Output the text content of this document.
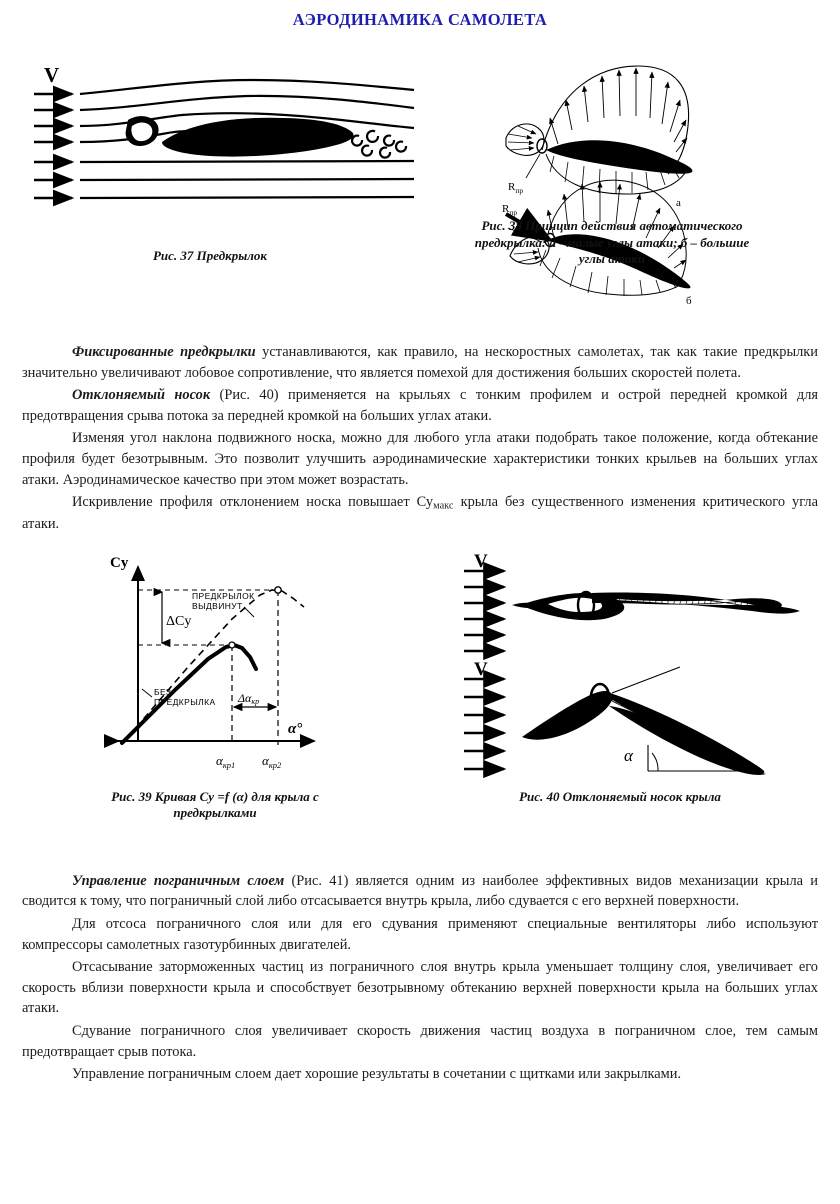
АЭРОДИНАМИКА САМОЛЕТА
V
$R_{пр}$
а
$R_{пр}$
б
Рис. 37 Предкрылок
Рис. 38 Принцип действия автоматического
предкрылка: а - малые углы атаки; б – большие
углы атаки

Фиксированные предкрылки устанавливаются, как правило, на нескоростных самолетах, так как такие предкрылки значительно увеличивают лобовое сопротивление, что является помехой для достижения больших скоростей полета.

Отклоняемый носок (Рис. 40) применяется на крыльях с тонким профилем и острой передней кромкой для предотвращения срыва потока за передней кромкой на больших углах атаки.

Изменяя угол наклона подвижного носка, можно для любого угла атаки подобрать такое положение, когда обтекание профиля будет безотрывным. Это позволит улучшить аэродинамические характеристики тонких крыльев на больших углах атаки. Аэродинамическое качество при этом может возрастать.

Искривление профиля отклонением носка повышает $Су_{макс}$ крыла без существенного изменения критического угла атаки.

Cy
α°
ΔCy
Δαкр
ПРЕДКРЫЛОК
ВЫДВИНУТ
БЕЗ
ПРЕДКРЫЛКА
$\alpha_{кр1}$ $\alpha_{кр2}$
V
V
α
Рис. 39 Кривая Су =f (α) для крыла с
предкрылками
Рис. 40 Отклоняемый носок крыла

Управление пограничным слоем (Рис. 41) является одним из наиболее эффективных видов механизации крыла и сводится к тому, что пограничный слой либо отсасывается внутрь крыла, либо сдувается с его верхней поверхности.

Для отсоса пограничного слоя или для его сдувания применяют специальные вентиляторы либо используют компрессоры самолетных газотурбинных двигателей.

Отсасывание заторможенных частиц из пограничного слоя внутрь крыла уменьшает толщину слоя, увеличивает его скорость вблизи поверхности крыла и способствует безотрывному обтеканию верхней поверхности крыла на больших углах атаки.

Сдувание пограничного слоя увеличивает скорость движения частиц воздуха в пограничном слое, тем самым предотвращает срыв потока.

Управление пограничным слоем дает хорошие результаты в сочетании с щитками или закрылками.
